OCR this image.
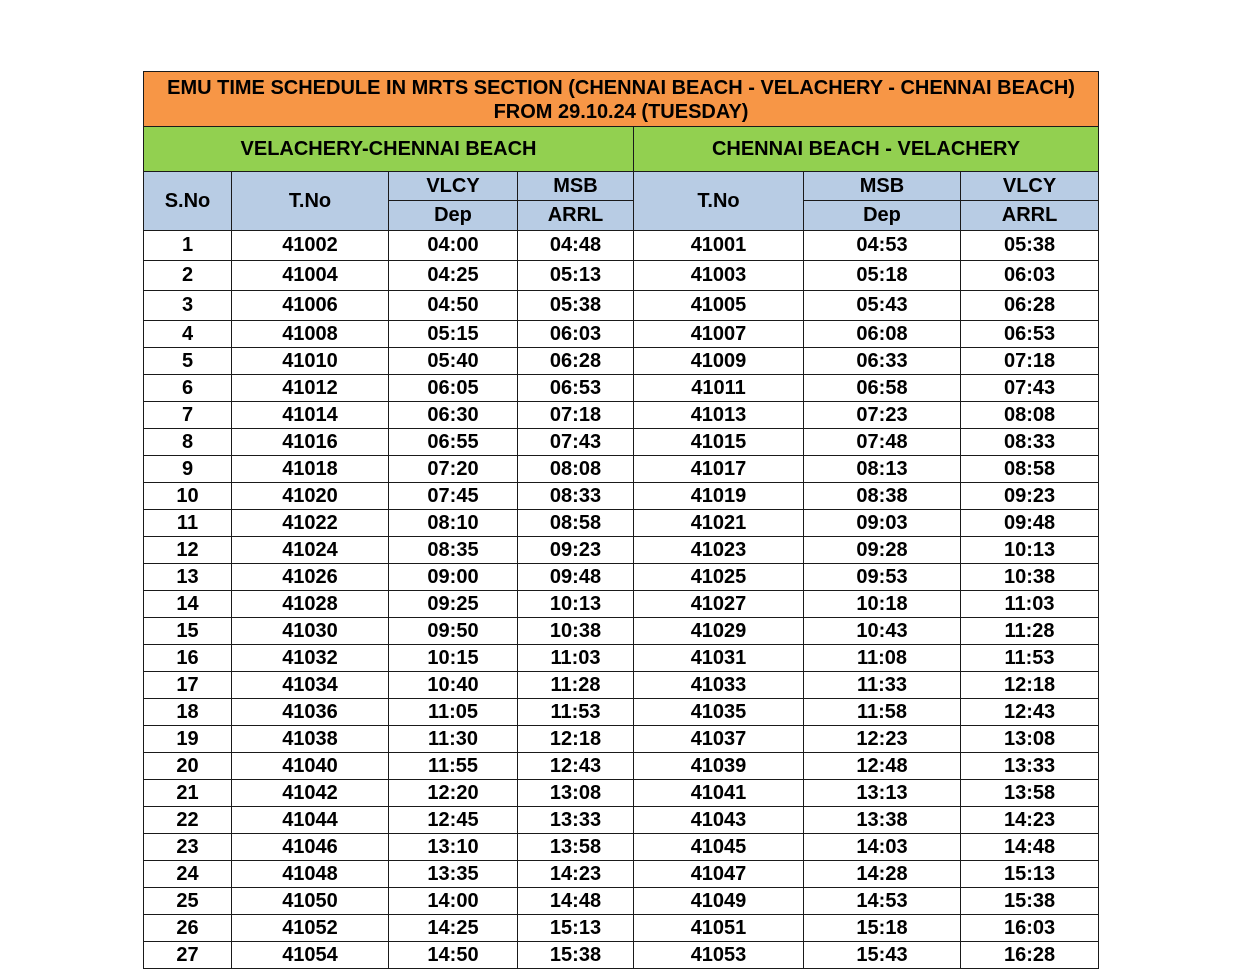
EMU TIME SCHEDULE IN MRTS SECTION (CHENNAI BEACH - VELACHERY - CHENNAI BEACH) FROM 29.10.24 (TUESDAY)						
VELACHERY-CHENNAI BEACH				CHENNAI BEACH - VELACHERY		
S.No	T.No	VLCY	MSB	T.No	MSB	VLCY
		Dep	ARRL		Dep	ARRL
1	41002	04:00	04:48	41001	04:53	05:38
2	41004	04:25	05:13	41003	05:18	06:03
3	41006	04:50	05:38	41005	05:43	06:28
4	41008	05:15	06:03	41007	06:08	06:53
5	41010	05:40	06:28	41009	06:33	07:18
6	41012	06:05	06:53	41011	06:58	07:43
7	41014	06:30	07:18	41013	07:23	08:08
8	41016	06:55	07:43	41015	07:48	08:33
9	41018	07:20	08:08	41017	08:13	08:58
10	41020	07:45	08:33	41019	08:38	09:23
11	41022	08:10	08:58	41021	09:03	09:48
12	41024	08:35	09:23	41023	09:28	10:13
13	41026	09:00	09:48	41025	09:53	10:38
14	41028	09:25	10:13	41027	10:18	11:03
15	41030	09:50	10:38	41029	10:43	11:28
16	41032	10:15	11:03	41031	11:08	11:53
17	41034	10:40	11:28	41033	11:33	12:18
18	41036	11:05	11:53	41035	11:58	12:43
19	41038	11:30	12:18	41037	12:23	13:08
20	41040	11:55	12:43	41039	12:48	13:33
21	41042	12:20	13:08	41041	13:13	13:58
22	41044	12:45	13:33	41043	13:38	14:23
23	41046	13:10	13:58	41045	14:03	14:48
24	41048	13:35	14:23	41047	14:28	15:13
25	41050	14:00	14:48	41049	14:53	15:38
26	41052	14:25	15:13	41051	15:18	16:03
27	41054	14:50	15:38	41053	15:43	16:28
